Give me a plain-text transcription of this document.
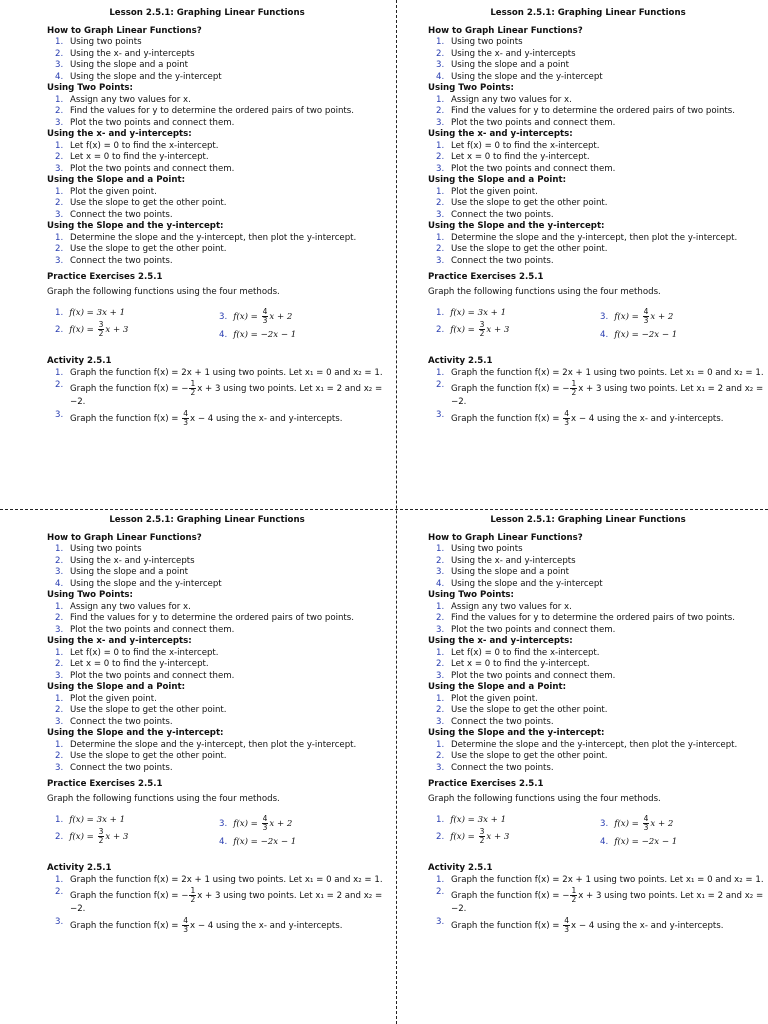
Lesson 2.5.1: Graphing Linear Functions
How to Graph Linear Functions?
1. Using two points
2. Using the x- and y-intercepts
3. Using the slope and a point
4. Using the slope and the y-intercept
Using Two Points:
1. Assign any two values for x.
2. Find the values for y to determine the ordered pairs of two points.
3. Plot the two points and connect them.
Using the x- and y-intercepts:
1. Let f(x) = 0 to find the x-intercept.
2. Let x = 0 to find the y-intercept.
3. Plot the two points and connect them.
Using the Slope and a Point:
1. Plot the given point.
2. Use the slope to get the other point.
3. Connect the two points.
Using the Slope and the y-intercept:
1. Determine the slope and the y-intercept, then plot the y-intercept.
2. Use the slope to get the other point.
3. Connect the two points.
Practice Exercises 2.5.1
Graph the following functions using the four methods.
1. f(x) = 3x + 1
2. $f(x) = \frac{3}{2}$ x + 3
3. $f(x) = \frac{4}{3}$ x + 2
4. f(x) = −2x − 1
Activity 2.5.1
1. Graph the function f(x) = 2x + 1 using two points. Let x₁ = 0 and x₂ = 1.
2. Graph the function f(x) = − $\frac{1}{2}$ x + 3 using two points. Let x₁ = 2 and x₂ = −2.
3. Graph the function $f(x) = \frac{4}{3}$ x − 4 using the x- and y-intercepts.
Lesson 2.5.1: Graphing Linear Functions
How to Graph Linear Functions?
1. Using two points
2. Using the x- and y-intercepts
3. Using the slope and a point
4. Using the slope and the y-intercept
Using Two Points:
1. Assign any two values for x.
2. Find the values for y to determine the ordered pairs of two points.
3. Plot the two points and connect them.
Using the x- and y-intercepts:
1. Let f(x) = 0 to find the x-intercept.
2. Let x = 0 to find the y-intercept.
3. Plot the two points and connect them.
Using the Slope and a Point:
1. Plot the given point.
2. Use the slope to get the other point.
3. Connect the two points.
Using the Slope and the y-intercept:
1. Determine the slope and the y-intercept, then plot the y-intercept.
2. Use the slope to get the other point.
3. Connect the two points.
Practice Exercises 2.5.1
Graph the following functions using the four methods.
1. f(x) = 3x + 1
2. $f(x) = \frac{3}{2}$ x + 3
3. $f(x) = \frac{4}{3}$ x + 2
4. f(x) = −2x − 1
Activity 2.5.1
1. Graph the function f(x) = 2x + 1 using two points. Let x₁ = 0 and x₂ = 1.
2. Graph the function f(x) = − $\frac{1}{2}$ x + 3 using two points. Let x₁ = 2 and x₂ = −2.
3. Graph the function $f(x) = \frac{4}{3}$ x − 4 using the x- and y-intercepts.
Lesson 2.5.1: Graphing Linear Functions
How to Graph Linear Functions?
1. Using two points
2. Using the x- and y-intercepts
3. Using the slope and a point
4. Using the slope and the y-intercept
Using Two Points:
1. Assign any two values for x.
2. Find the values for y to determine the ordered pairs of two points.
3. Plot the two points and connect them.
Using the x- and y-intercepts:
1. Let f(x) = 0 to find the x-intercept.
2. Let x = 0 to find the y-intercept.
3. Plot the two points and connect them.
Using the Slope and a Point:
1. Plot the given point.
2. Use the slope to get the other point.
3. Connect the two points.
Using the Slope and the y-intercept:
1. Determine the slope and the y-intercept, then plot the y-intercept.
2. Use the slope to get the other point.
3. Connect the two points.
Practice Exercises 2.5.1
Graph the following functions using the four methods.
1. f(x) = 3x + 1
2. $f(x) = \frac{3}{2}$ x + 3
3. $f(x) = \frac{4}{3}$ x + 2
4. f(x) = −2x − 1
Activity 2.5.1
1. Graph the function f(x) = 2x + 1 using two points. Let x₁ = 0 and x₂ = 1.
2. Graph the function f(x) = − $\frac{1}{2}$ x + 3 using two points. Let x₁ = 2 and x₂ = −2.
3. Graph the function $f(x) = \frac{4}{3}$ x − 4 using the x- and y-intercepts.
Lesson 2.5.1: Graphing Linear Functions
How to Graph Linear Functions?
1. Using two points
2. Using the x- and y-intercepts
3. Using the slope and a point
4. Using the slope and the y-intercept
Using Two Points:
1. Assign any two values for x.
2. Find the values for y to determine the ordered pairs of two points.
3. Plot the two points and connect them.
Using the x- and y-intercepts:
1. Let f(x) = 0 to find the x-intercept.
2. Let x = 0 to find the y-intercept.
3. Plot the two points and connect them.
Using the Slope and a Point:
1. Plot the given point.
2. Use the slope to get the other point.
3. Connect the two points.
Using the Slope and the y-intercept:
1. Determine the slope and the y-intercept, then plot the y-intercept.
2. Use the slope to get the other point.
3. Connect the two points.
Practice Exercises 2.5.1
Graph the following functions using the four methods.
1. f(x) = 3x + 1
2. $f(x) = \frac{3}{2}$ x + 3
3. $f(x) = \frac{4}{3}$ x + 2
4. f(x) = −2x − 1
Activity 2.5.1
1. Graph the function f(x) = 2x + 1 using two points. Let x₁ = 0 and x₂ = 1.
2. Graph the function f(x) = − $\frac{1}{2}$ x + 3 using two points. Let x₁ = 2 and x₂ = −2.
3. Graph the function $f(x) = \frac{4}{3}$ x − 4 using the x- and y-intercepts.
